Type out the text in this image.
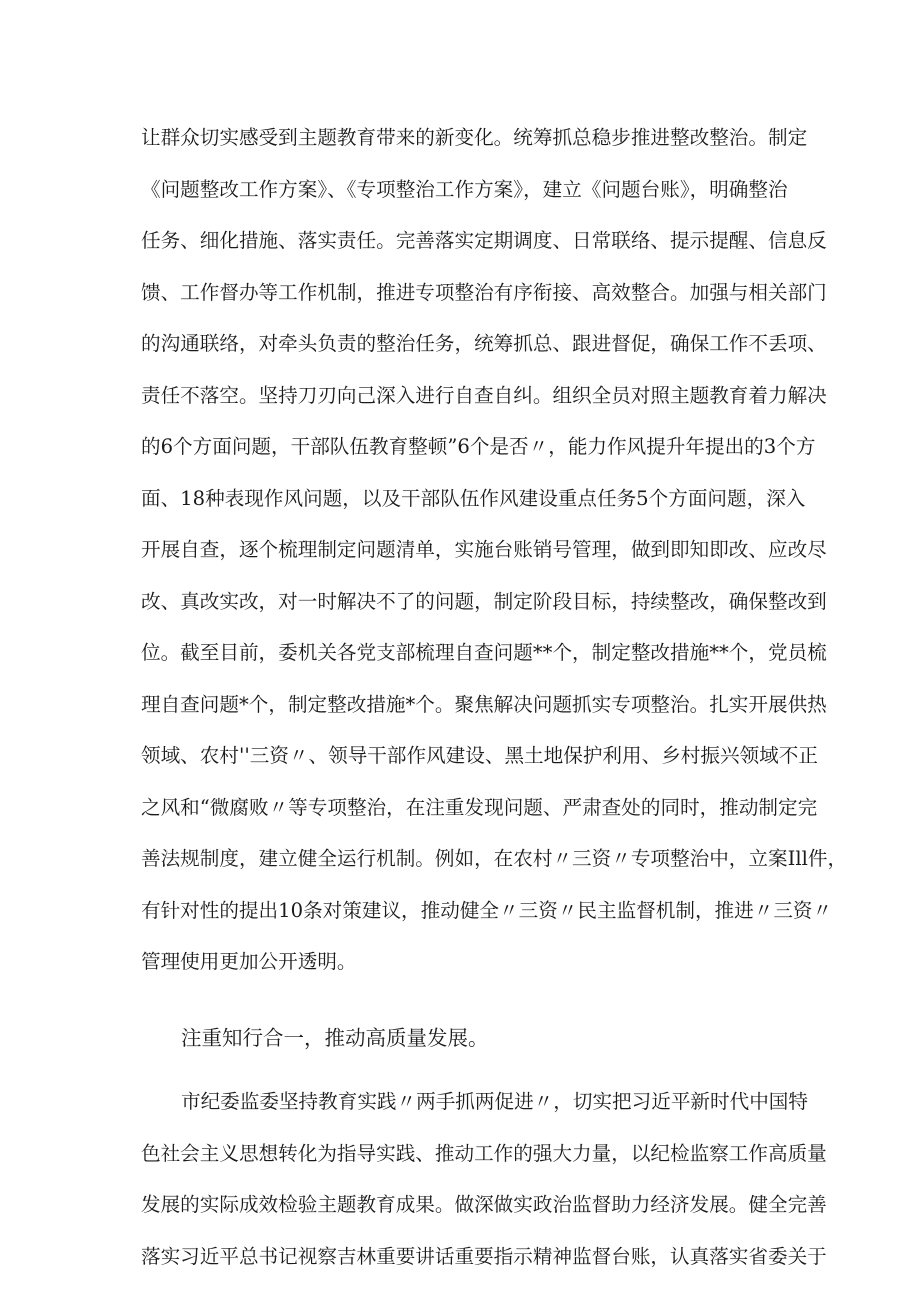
让群众切实感受到主题教育带来的新变化。统筹抓总稳步推进整改整治。制定
《问题整改工作方案》、《专项整治工作方案》，建立《问题台账》，明确整治
任务、细化措施、落实责任。完善落实定期调度、日常联络、提示提醒、信息反
馈、工作督办等工作机制，推进专项整治有序衔接、高效整合。加强与相关部门
的沟通联络，对牵头负责的整治任务，统筹抓总、跟进督促，确保工作不丢项、
责任不落空。坚持刀刃向己深入进行自查自纠。组织全员对照主题教育着力解决
的6个方面问题，干部队伍教育整顿”6个是否〃，能力作风提升年提出的3个方
面、18种表现作风问题，以及干部队伍作风建设重点任务5个方面问题，深入
开展自查，逐个梳理制定问题清单，实施台账销号管理，做到即知即改、应改尽
改、真改实改，对一时解决不了的问题，制定阶段目标，持续整改，确保整改到
位。截至目前，委机关各党支部梳理自查问题**个，制定整改措施**个，党员梳
理自查问题*个，制定整改措施*个。聚焦解决问题抓实专项整治。扎实开展供热
领域、农村''三资〃、领导干部作风建设、黑土地保护利用、乡村振兴领域不正
之风和“微腐败〃等专项整治，在注重发现问题、严肃查处的同时，推动制定完
善法规制度，建立健全运行机制。例如，在农村〃三资〃专项整治中，立案Ill件，
有针对性的提出10条对策建议，推动健全〃三资〃民主监督机制，推进〃三资〃
管理使用更加公开透明。
注重知行合一，推动高质量发展。
市纪委监委坚持教育实践〃两手抓两促进〃，切实把习近平新时代中国特
色社会主义思想转化为指导实践、推动工作的强大力量，以纪检监察工作高质量
发展的实际成效检验主题教育成果。做深做实政治监督助力经济发展。健全完善
落实习近平总书记视察吉林重要讲话重要指示精神监督台账，认真落实省委关于
